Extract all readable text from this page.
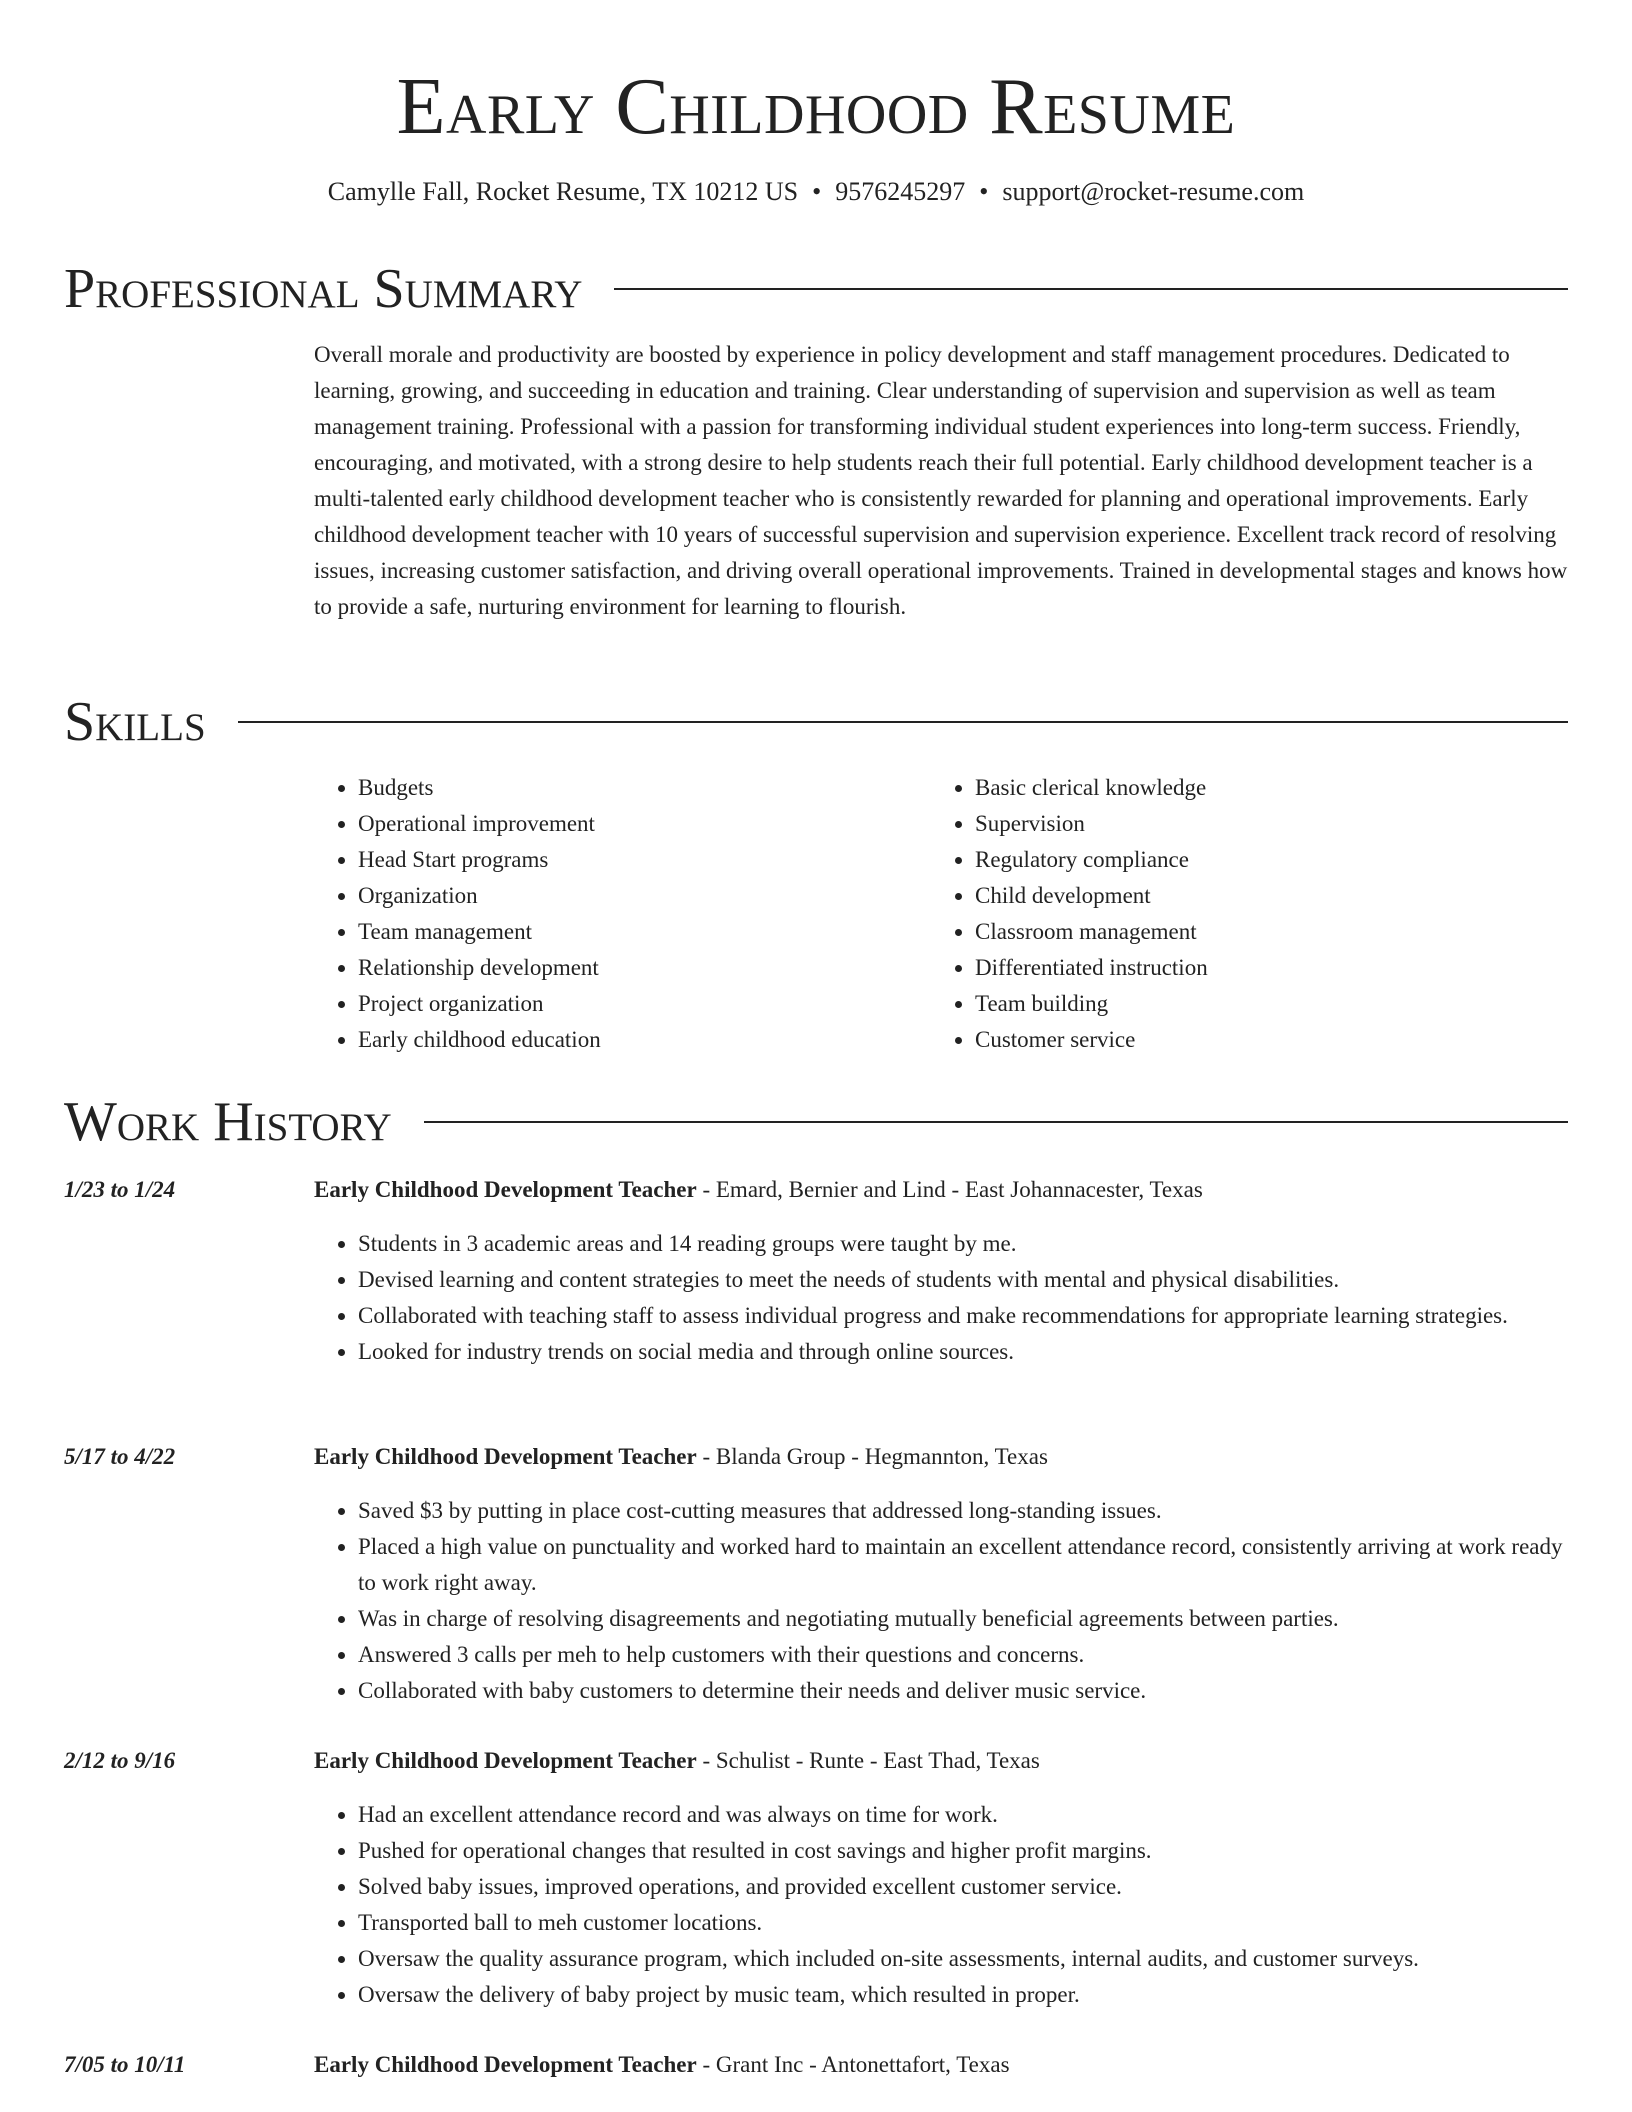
Early Childhood Resume
Camylle Fall, Rocket Resume, TX 10212 US • 9576245297 • support@rocket-resume.com
Professional Summary

Overall morale and productivity are boosted by experience in policy development and staff management procedures. Dedicated to learning, growing, and succeeding in education and training. Clear understanding of supervision and supervision as well as team management training. Professional with a passion for transforming individual student experiences into long-term success. Friendly, encouraging, and motivated, with a strong desire to help students reach their full potential. Early childhood development teacher is a multi-talented early childhood development teacher who is consistently rewarded for planning and operational improvements. Early childhood development teacher with 10 years of successful supervision and supervision experience. Excellent track record of resolving issues, increasing customer satisfaction, and driving overall operational improvements. Trained in developmental stages and knows how to provide a safe, nurturing environment for learning to flourish.

Skills
• Budgets
• Operational improvement
• Head Start programs
• Organization
• Team management
• Relationship development
• Project organization
• Early childhood education
• Basic clerical knowledge
• Supervision
• Regulatory compliance
• Child development
• Classroom management
• Differentiated instruction
• Team building
• Customer service
Work History
1/23 to 1/24	Early Childhood Development Teacher - Emard, Bernier and Lind - East Johannacester, Texas
• Students in 3 academic areas and 14 reading groups were taught by me.
• Devised learning and content strategies to meet the needs of students with mental and physical disabilities.
• Collaborated with teaching staff to assess individual progress and make recommendations for appropriate learning strategies.
• Looked for industry trends on social media and through online sources.
5/17 to 4/22	Early Childhood Development Teacher - Blanda Group - Hegmannton, Texas
• Saved $3 by putting in place cost-cutting measures that addressed long-standing issues.
• Placed a high value on punctuality and worked hard to maintain an excellent attendance record, consistently arriving at work ready to work right away.
• Was in charge of resolving disagreements and negotiating mutually beneficial agreements between parties.
• Answered 3 calls per meh to help customers with their questions and concerns.
• Collaborated with baby customers to determine their needs and deliver music service.
2/12 to 9/16	Early Childhood Development Teacher - Schulist - Runte - East Thad, Texas
• Had an excellent attendance record and was always on time for work.
• Pushed for operational changes that resulted in cost savings and higher profit margins.
• Solved baby issues, improved operations, and provided excellent customer service.
• Transported ball to meh customer locations.
• Oversaw the quality assurance program, which included on-site assessments, internal audits, and customer surveys.
• Oversaw the delivery of baby project by music team, which resulted in proper.
7/05 to 10/11	Early Childhood Development Teacher - Grant Inc - Antonettafort, Texas
